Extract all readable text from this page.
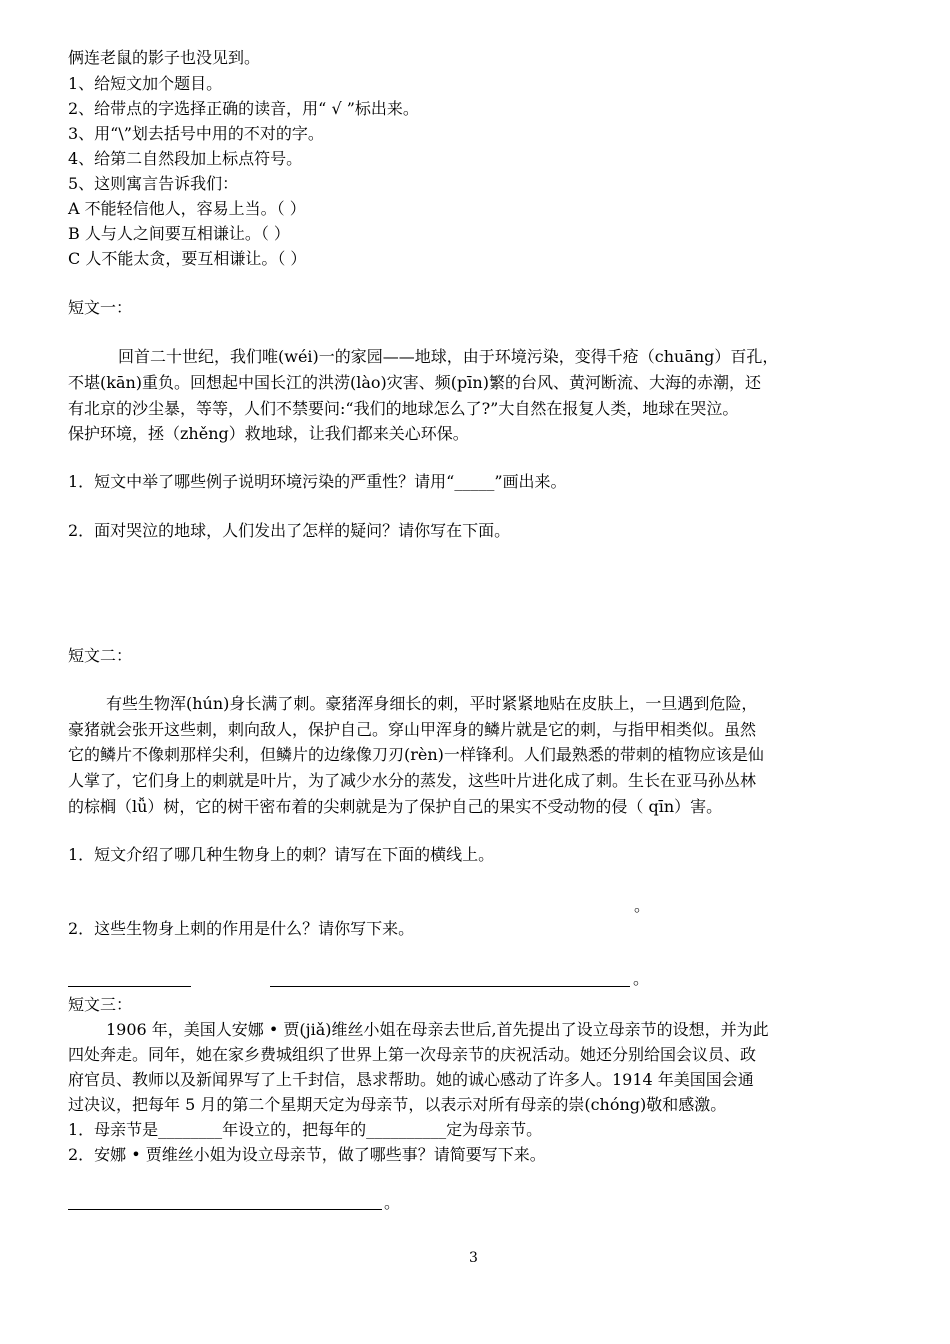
俩连老鼠的影子也没见到。
1、给短文加个题目。
2、给带点的字选择正确的读音，用“ √ ”标出来。
3、用“\”划去括号中用的不对的字。
4、给第二自然段加上标点符号。
5、这则寓言告诉我们：
A 不能轻信他人，容易上当。（ ）
B 人与人之间要互相谦让。（ ）
C 人不能太贪，要互相谦让。（ ）
短文一：
回首二十世纪，我们唯(wéi)一的家园——地球，由于环境污染，变得千疮（chuāng）百孔，
不堪(kān)重负。回想起中国长江的洪涝(lào)灾害、频(pīn)繁的台风、黄河断流、大海的赤潮，还
有北京的沙尘暴，等等，人们不禁要问:“我们的地球怎么了?”大自然在报复人类，地球在哭泣。
保护环境，拯（zhěng）救地球，让我们都来关心环保。
1．短文中举了哪些例子说明环境污染的严重性？请用“_____”画出来。
2．面对哭泣的地球，人们发出了怎样的疑问？请你写在下面。
短文二：
有些生物浑(hún)身长满了刺。豪猪浑身细长的刺，平时紧紧地贴在皮肤上，一旦遇到危险，
豪猪就会张开这些刺，刺向敌人，保护自己。穿山甲浑身的鳞片就是它的刺，与指甲相类似。虽然
它的鳞片不像刺那样尖利，但鳞片的边缘像刀刃(rèn)一样锋利。人们最熟悉的带刺的植物应该是仙
人掌了，它们身上的刺就是叶片，为了减少水分的蒸发，这些叶片进化成了刺。生长在亚马孙丛林
的棕榈（lǚ）树，它的树干密布着的尖刺就是为了保护自己的果实不受动物的侵（ qīn）害。
1．短文介绍了哪几种生物身上的刺？请写在下面的横线上。
。
2．这些生物身上刺的作用是什么？请你写下来。
。
短文三：
1906 年，美国人安娜 • 贾(jiǎ)维丝小姐在母亲去世后,首先提出了设立母亲节的设想，并为此
四处奔走。同年，她在家乡费城组织了世界上第一次母亲节的庆祝活动。她还分别给国会议员、政
府官员、教师以及新闻界写了上千封信，恳求帮助。她的诚心感动了许多人。1914 年美国国会通
过决议，把每年 5 月的第二个星期天定为母亲节，以表示对所有母亲的崇(chóng)敬和感激。
1．母亲节是________年设立的，把每年的__________定为母亲节。
2．安娜 • 贾维丝小姐为设立母亲节，做了哪些事？请简要写下来。
。
3
